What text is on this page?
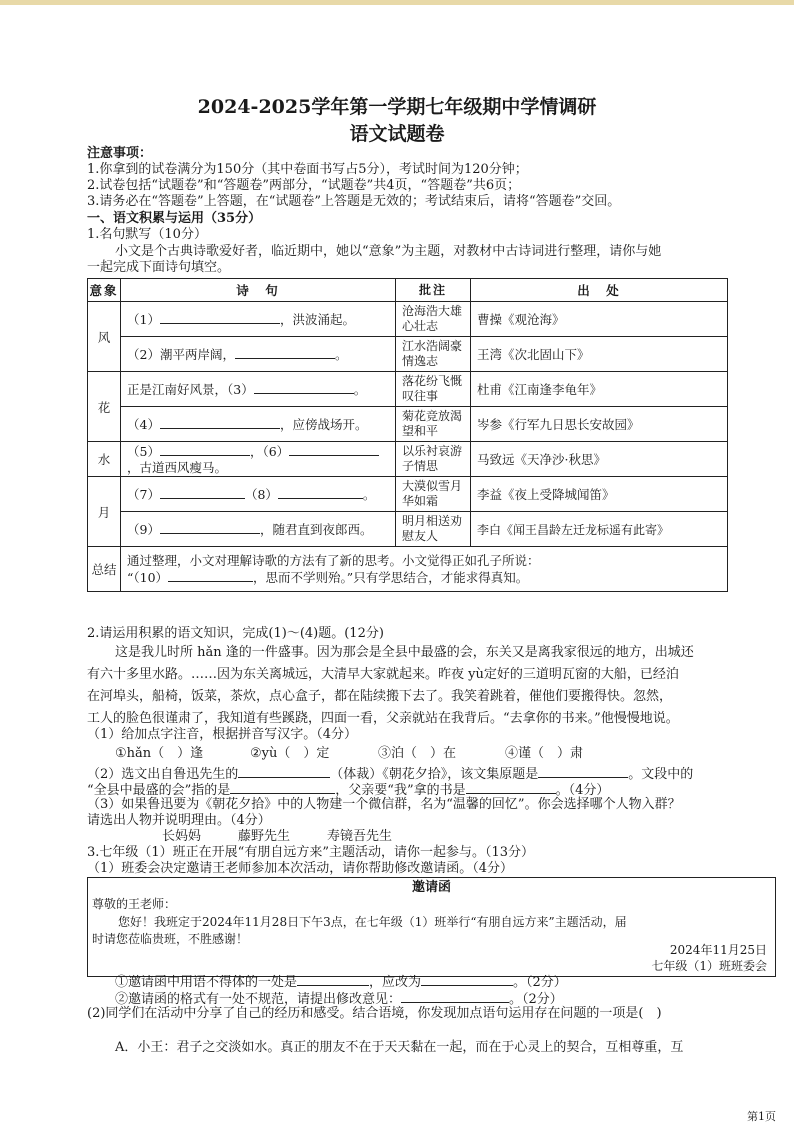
2024-2025学年第一学期七年级期中学情调研
语文试题卷
注意事项：
1.你拿到的试卷满分为150分（其中卷面书写占5分），考试时间为120分钟；
2.试卷包括“试题卷”和“答题卷”两部分，“试题卷”共4页，“答题卷”共6页；
3.请务必在“答题卷”上答题，在“试题卷”上答题是无效的；考试结束后，请将“答题卷”交回。
一、语文积累与运用（35分）
1.名句默写（10分）
小文是个古典诗歌爱好者，临近期中，她以“意象”为主题，对教材中古诗词进行整理，请你与她
一起完成下面诗句填空。
意象	诗　句	批注	出　处
风	（1） ，洪波涌起。	沧海浩大雄心壮志	曹操《观沧海》
	（2）潮平两岸阔， 。	江水浩阔豪情逸志	王湾《次北固山下》
花	正是江南好风景，（3） 。	落花纷飞慨叹往事	杜甫《江南逢李龟年》
	（4） ，应傍战场开。	菊花竞放渴望和平	岑参《行军九日思长安故园》
水	（5） ，（6），古道西风瘦马。	以乐衬哀游子情思	马致远《天净沙·秋思》
月	（7） （8） 。	大漠似雪月华如霜	李益《夜上受降城闻笛》
	（9） ，随君直到夜郎西。	明月相送劝慰友人	李白《闻王昌龄左迁龙标遥有此寄》
总结	通过整理，小文对理解诗歌的方法有了新的思考。小文觉得正如孔子所说：
“（10） ，思而不学则殆。”只有学思结合，才能求得真知。		
2.请运用积累的语文知识，完成(1)～(4)题。(12分)
这是我儿时所 hǎn 逢的一件盛事。因为那会是全县中最盛的会，东关又是离我家很远的地方，出城还
有六十多里水路。……因为东关离城远，大清早大家就起来。昨夜 yù定好的三道明瓦窗的大船，已经泊
在河埠头，船椅，饭菜，茶炊，点心盒子，都在陆续搬下去了。我笑着跳着，催他们要搬得快。忽然，
工人的脸色很谨肃了，我知道有些蹊跷，四面一看，父亲就站在我背后。“去拿你的书来。”他慢慢地说。
（1）给加点字注音，根据拼音写汉字。（4分）
①hǎn（　）逢	②yù（　）定	③泊（　）在	④谨（　）肃
（2）选文出自鲁迅先生的	（体裁）《朝花夕拾》，该文集原题是	。文段中的
“全县中最盛的会”指的是	，父亲要“我”拿的书是	。（4分）
（3）如果鲁迅要为《朝花夕拾》中的人物建一个微信群，名为“温馨的回忆”。你会选择哪个人物入群？
请选出人物并说明理由。（4分）
长妈妈	藤野先生	寿镜吾先生
3.七年级（1）班正在开展“有朋自远方来”主题活动，请你一起参与。（13分）
（1）班委会决定邀请王老师参加本次活动，请你帮助修改邀请函。（4分）
邀请函
尊敬的王老师：
您好！我班定于2024年11月28日下午3点，在七年级（1）班举行“有朋自远方来”主题活动，届
时请您莅临贵班，不胜感谢！
2024年11月25日
七年级（1）班班委会
①邀请函中用语不得体的一处是	，应改为	。（2分）
②邀请函的格式有一处不规范，请提出修改意见：	。（2分）
(2)同学们在活动中分享了自己的经历和感受。结合语境，你发现加点语句运用存在问题的一项是(　)
A．小王：君子之交淡如水。真正的朋友不在于天天黏在一起，而在于心灵上的契合，互相尊重，互
第1页
